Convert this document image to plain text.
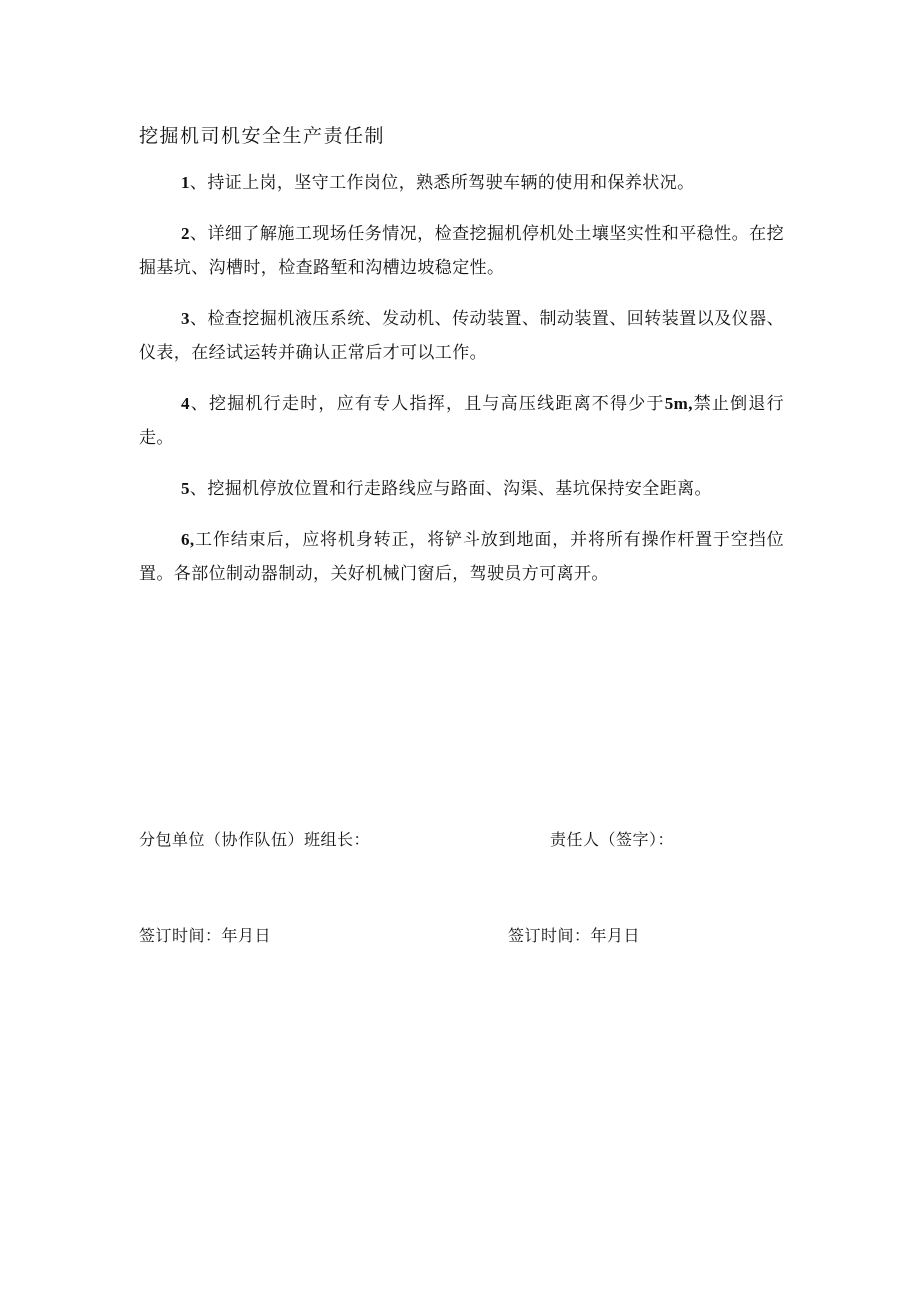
挖掘机司机安全生产责任制

1、持证上岗，坚守工作岗位，熟悉所驾驶车辆的使用和保养状况。

2、详细了解施工现场任务情况，检查挖掘机停机处土壤坚实性和平稳性。在挖掘基坑、沟槽时，检查路堑和沟槽边坡稳定性。

3、检查挖掘机液压系统、发动机、传动装置、制动装置、回转装置以及仪器、仪表，在经试运转并确认正常后才可以工作。

4、挖掘机行走时，应有专人指挥，且与高压线距离不得少于5m,禁止倒退行走。

5、挖掘机停放位置和行走路线应与路面、沟渠、基坑保持安全距离。

6,工作结束后，应将机身转正，将铲斗放到地面，并将所有操作杆置于空挡位置。各部位制动器制动，关好机械门窗后，驾驶员方可离开。

分包单位（协作队伍）班组长：	责任人（签字）：
签订时间：年月日	签订时间：年月日
